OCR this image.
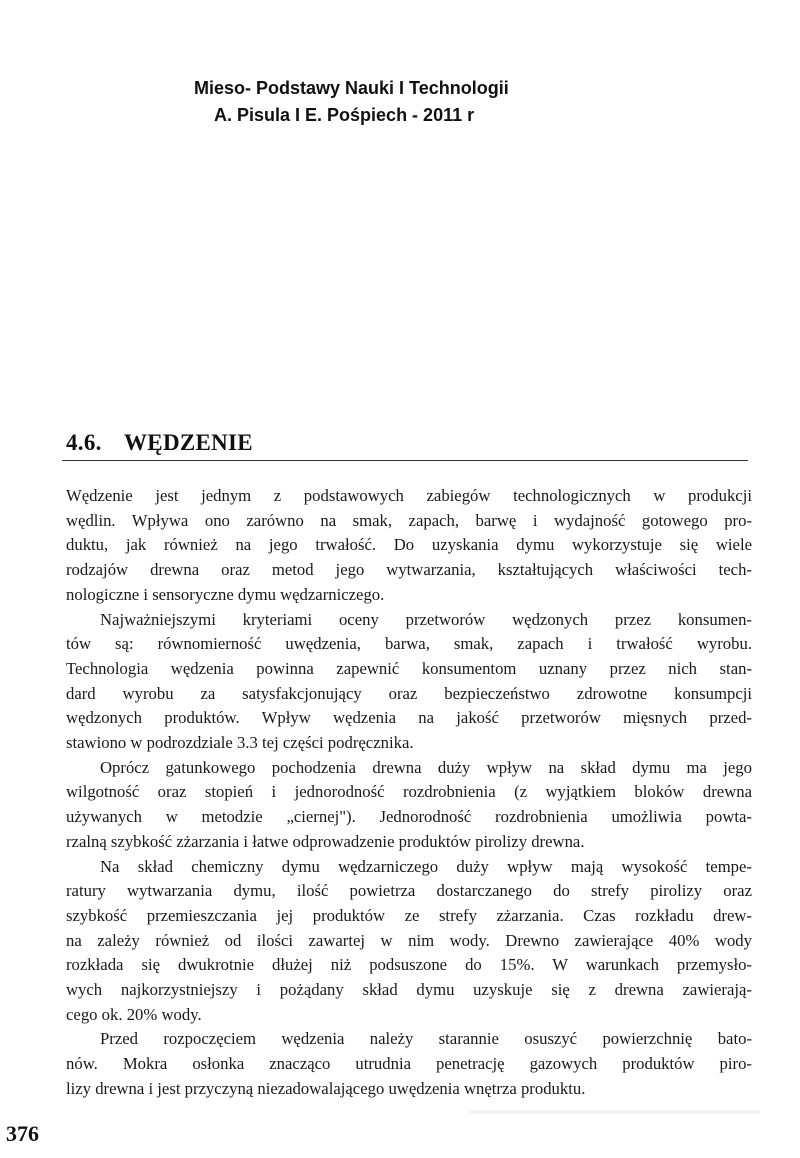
Mieso- Podstawy Nauki I Technologii
A. Pisula I E. Pośpiech - 2011 r
4.6. WĘDZENIE

Wędzenie jest jednym z podstawowych zabiegów technologicznych w produkcji
wędlin. Wpływa ono zarówno na smak, zapach, barwę i wydajność gotowego pro-
duktu, jak również na jego trwałość. Do uzyskania dymu wykorzystuje się wiele
rodzajów drewna oraz metod jego wytwarzania, kształtujących właściwości tech-
nologiczne i sensoryczne dymu wędzarniczego.

Najważniejszymi kryteriami oceny przetworów wędzonych przez konsumen-
tów są: równomierność uwędzenia, barwa, smak, zapach i trwałość wyrobu.
Technologia wędzenia powinna zapewnić konsumentom uznany przez nich stan-
dard wyrobu za satysfakcjonujący oraz bezpieczeństwo zdrowotne konsumpcji
wędzonych produktów. Wpływ wędzenia na jakość przetworów mięsnych przed-
stawiono w podrozdziale 3.3 tej części podręcznika.

Oprócz gatunkowego pochodzenia drewna duży wpływ na skład dymu ma jego
wilgotność oraz stopień i jednorodność rozdrobnienia (z wyjątkiem bloków drewna
używanych w metodzie „ciernej"). Jednorodność rozdrobnienia umożliwia powta-
rzalną szybkość zżarzania i łatwe odprowadzenie produktów pirolizy drewna.

Na skład chemiczny dymu wędzarniczego duży wpływ mają wysokość tempe-
ratury wytwarzania dymu, ilość powietrza dostarczanego do strefy pirolizy oraz
szybkość przemieszczania jej produktów ze strefy zżarzania. Czas rozkładu drew-
na zależy również od ilości zawartej w nim wody. Drewno zawierające 40% wody
rozkłada się dwukrotnie dłużej niż podsuszone do 15%. W warunkach przemysło-
wych najkorzystniejszy i pożądany skład dymu uzyskuje się z drewna zawierają-
cego ok. 20% wody.

Przed rozpoczęciem wędzenia należy starannie osuszyć powierzchnię bato-
nów. Mokra osłonka znacząco utrudnia penetrację gazowych produktów piro-
lizy drewna i jest przyczyną niezadowalającego uwędzenia wnętrza produktu.

376
